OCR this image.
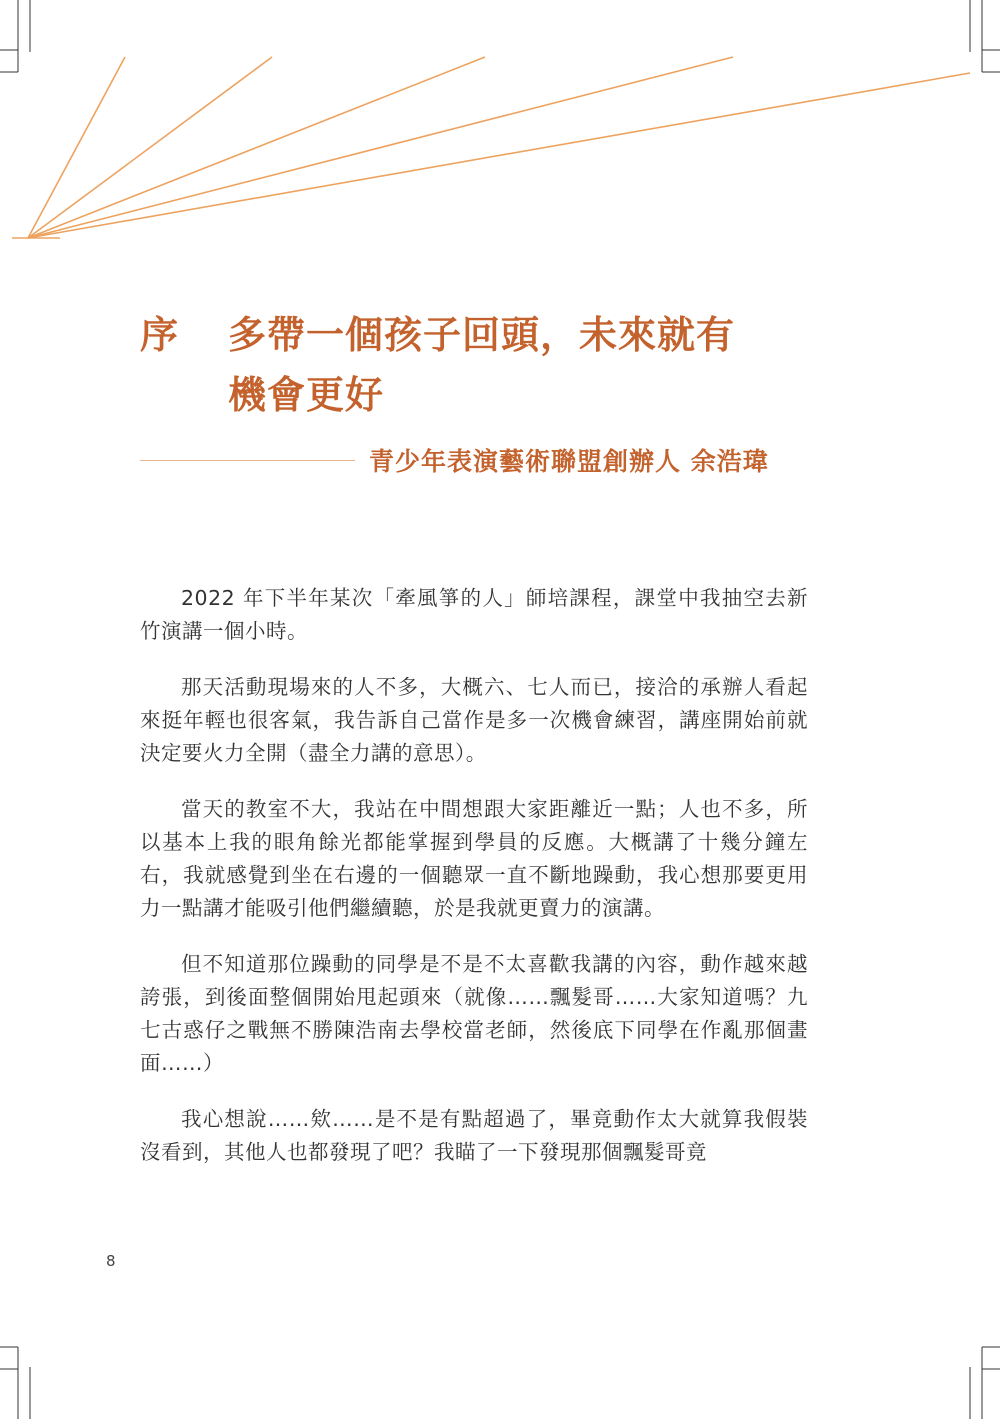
序	多帶一個孩子回頭，未來就有
機會更好
青少年表演藝術聯盟創辦人 余浩瑋

2022 年下半年某次「牽風箏的人」師培課程，課堂中我抽空去新竹演講一個小時。

那天活動現場來的人不多，大概六、七人而已，接洽的承辦人看起來挺年輕也很客氣，我告訴自己當作是多一次機會練習，講座開始前就決定要火力全開（盡全力講的意思）。

當天的教室不大，我站在中間想跟大家距離近一點；人也不多，所以基本上我的眼角餘光都能掌握到學員的反應。大概講了十幾分鐘左右，我就感覺到坐在右邊的一個聽眾一直不斷地躁動，我心想那要更用力一點講才能吸引他們繼續聽，於是我就更賣力的演講。

但不知道那位躁動的同學是不是不太喜歡我講的內容，動作越來越誇張，到後面整個開始甩起頭來（就像……飄髮哥……大家知道嗎？九七古惑仔之戰無不勝陳浩南去學校當老師，然後底下同學在作亂那個畫面……）

我心想說……欸……是不是有點超過了，畢竟動作太大就算我假裝沒看到，其他人也都發現了吧？我瞄了一下發現那個飄髮哥竟

8
